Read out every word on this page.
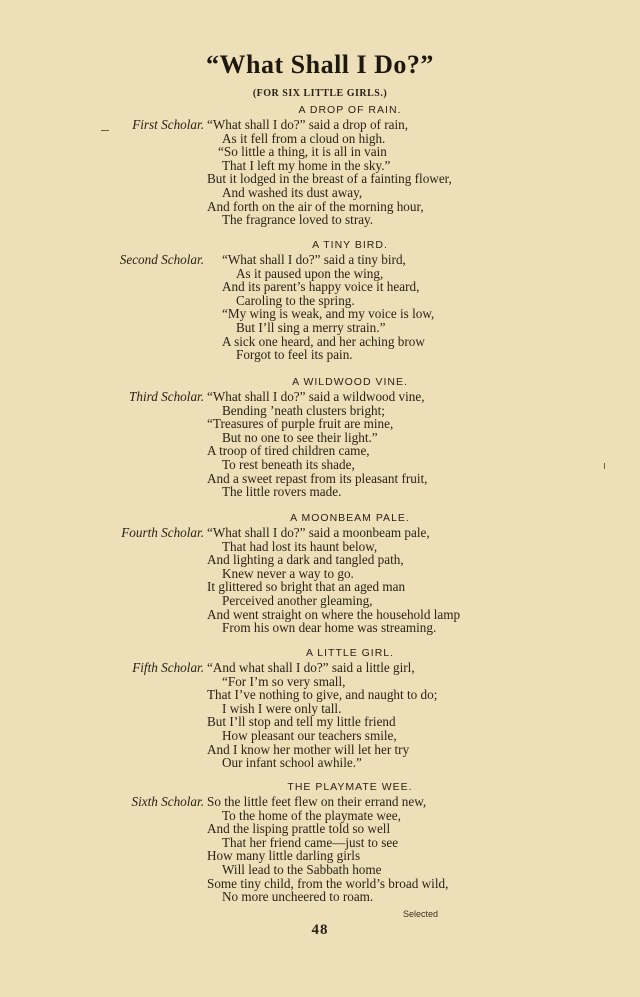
“What Shall I Do?”
(FOR SIX LITTLE GIRLS.)
A DROP OF RAIN.
First Scholar. “What shall I do?” said a drop of rain,
As it fell from a cloud on high.
“So little a thing, it is all in vain
That I left my home in the sky.”
But it lodged in the breast of a fainting flower,
And washed its dust away,
And forth on the air of the morning hour,
The fragrance loved to stray.
A TINY BIRD.
Second Scholar. “What shall I do?” said a tiny bird,
As it paused upon the wing,
And its parent’s happy voice it heard,
Caroling to the spring.
“My wing is weak, and my voice is low,
But I’ll sing a merry strain.”
A sick one heard, and her aching brow
Forgot to feel its pain.
A WILDWOOD VINE.
Third Scholar. “What shall I do?” said a wildwood vine,
Bending ’neath clusters bright;
“Treasures of purple fruit are mine,
But no one to see their light.”
A troop of tired children came,
To rest beneath its shade,
And a sweet repast from its pleasant fruit,
The little rovers made.
A MOONBEAM PALE.
Fourth Scholar. “What shall I do?” said a moonbeam pale,
That had lost its haunt below,
And lighting a dark and tangled path,
Knew never a way to go.
It glittered so bright that an aged man
Perceived another gleaming,
And went straight on where the household lamp
From his own dear home was streaming.
A LITTLE GIRL.
Fifth Scholar. “And what shall I do?” said a little girl,
“For I’m so very small,
That I’ve nothing to give, and naught to do;
I wish I were only tall.
But I’ll stop and tell my little friend
How pleasant our teachers smile,
And I know her mother will let her try
Our infant school awhile.”
THE PLAYMATE WEE.
Sixth Scholar. So the little feet flew on their errand new,
To the home of the playmate wee,
And the lisping prattle told so well
That her friend came—just to see
How many little darling girls
Will lead to the Sabbath home
Some tiny child, from the world’s broad wild,
No more uncheered to roam.
Selected
48
